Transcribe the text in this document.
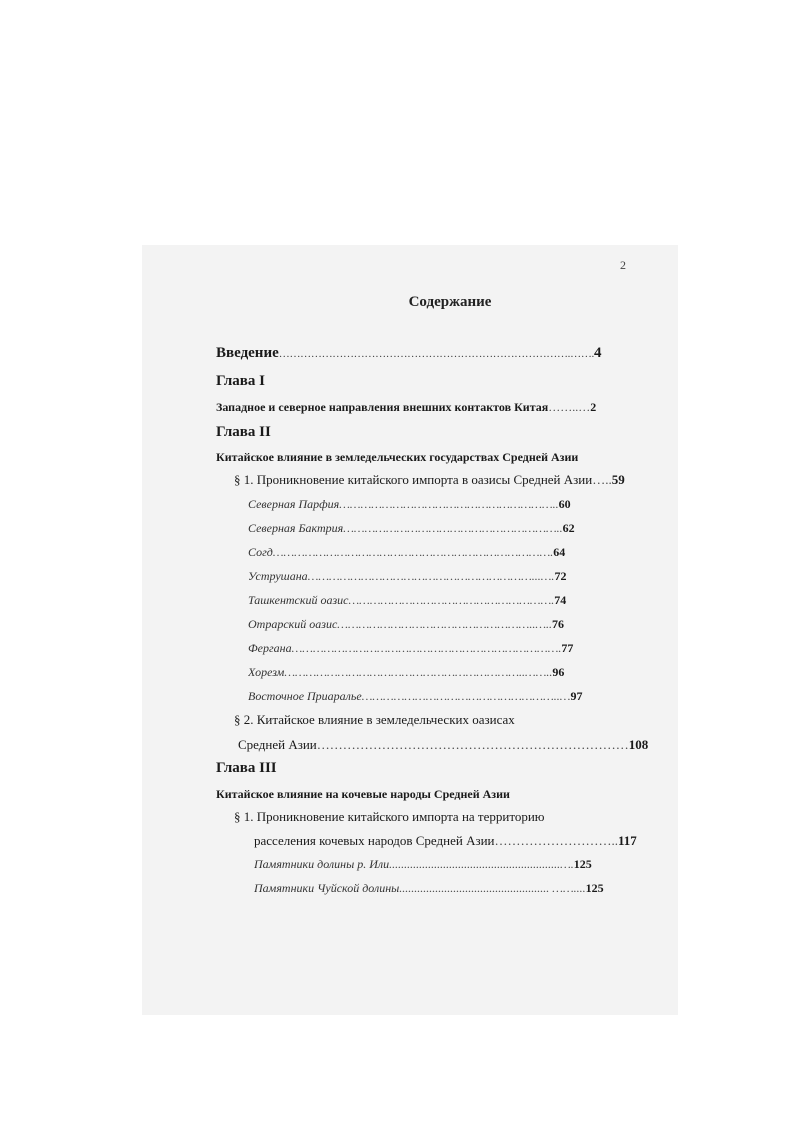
2
Содержание
Введение……………………………………………………………………….…….4
Глава I
Западное и северное направления внешних контактов Китая……..…2
Глава II
Китайское влияние в земледельческих государствах Средней Азии
§ 1. Проникновение китайского импорта в оазисы Средней Азии…..59
Северная Парфия……………………………………………………..60
Северная Бактрия……………………………………………………..62
Согд…………………………………………………………………….64
Уструшана………………………………………………………...….72
Ташкентский оазис………………………………………………….74
Отрарский оазис………………………………………………..…..76
Фергана………………………………………………………………….77
Хорезм…………………………………………………………..……..96
Восточное Приаралье………………………………………………..…97
§ 2. Китайское влияние в земледельческих оазисах
Средней Азии………………………………………………………………108
Глава III
Китайское влияние на кочевые народы Средней Азии
§ 1. Проникновение китайского импорта на территорию
расселения кочевых народов Средней Азии………………………..117
Памятники долины р. Или.........................................................….125
Памятники Чуйской долины.................................................. ……....125
